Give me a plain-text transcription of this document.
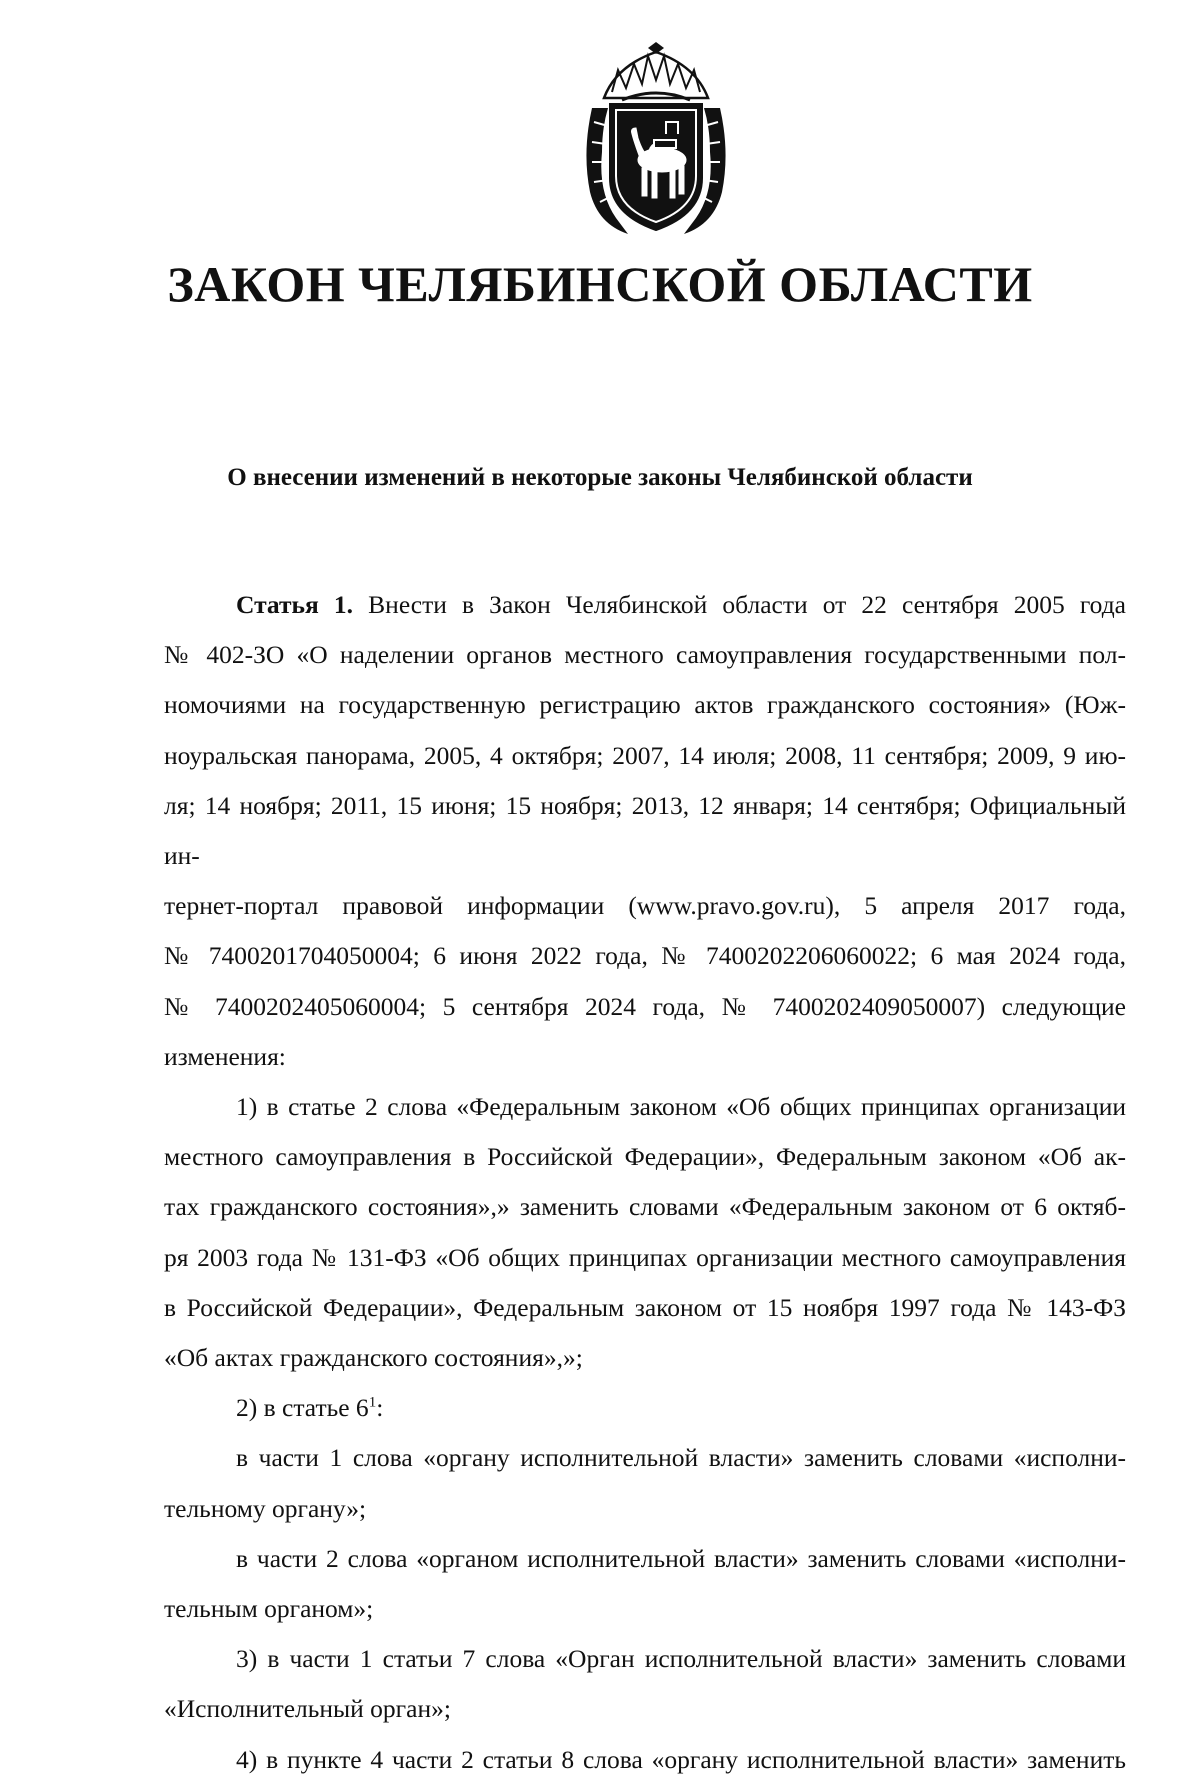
ЗАКОН ЧЕЛЯБИНСКОЙ ОБЛАСТИ
О внесении изменений в некоторые законы Челябинской области

Статья 1. Внести в Закон Челябинской области от 22 сентября 2005 года

№ 402-ЗО «О наделении органов местного самоуправления государственными пол-

номочиями на государственную регистрацию актов гражданского состояния» (Юж-

ноуральская панорама, 2005, 4 октября; 2007, 14 июля; 2008, 11 сентября; 2009, 9 ию-

ля; 14 ноября; 2011, 15 июня; 15 ноября; 2013, 12 января; 14 сентября; Официальный ин-

тернет-портал правовой информации (www.pravo.gov.ru), 5 апреля 2017 года,

№ 7400201704050004; 6 июня 2022 года, № 7400202206060022; 6 мая 2024 года,

№ 7400202405060004; 5 сентября 2024 года, № 7400202409050007) следующие изменения:

1) в статье 2 слова «Федеральным законом «Об общих принципах организации

местного самоуправления в Российской Федерации», Федеральным законом «Об ак-

тах гражданского состояния»,» заменить словами «Федеральным законом от 6 октяб-

ря 2003 года № 131-ФЗ «Об общих принципах организации местного самоуправления

в Российской Федерации», Федеральным законом от 15 ноября 1997 года № 143-ФЗ

«Об актах гражданского состояния»,»;

2) в статье $6^1$:

в части 1 слова «органу исполнительной власти» заменить словами «исполни-

тельному органу»;

в части 2 слова «органом исполнительной власти» заменить словами «исполни-

тельным органом»;

3) в части 1 статьи 7 слова «Орган исполнительной власти» заменить словами

«Исполнительный орган»;

4) в пункте 4 части 2 статьи 8 слова «органу исполнительной власти» заменить
